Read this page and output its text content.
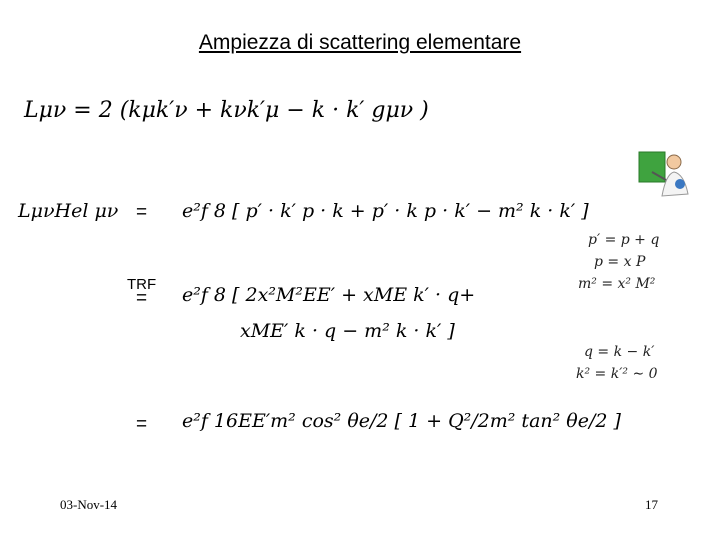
Ampiezza di scattering elementare
Lμν = 2 (kμk′ν + kνk′μ − k · k′ gμν )
LμνHel μν = e²f 8 [ p′ · k′ p · k + p′ · k p · k′ − m² k · k′ ]
p′ = p + q
p = x P
m² = x² M²
TRF
= e²f 8 [ 2x²M²EE′ + xME k′ · q+
xME′ k · q − m² k · k′ ]
q = k − k′
k² = k′² ∼ 0
= e²f 16EE′m² cos² θe/2 [ 1 + Q²/2m² tan² θe/2 ]
03-Nov-14	17
